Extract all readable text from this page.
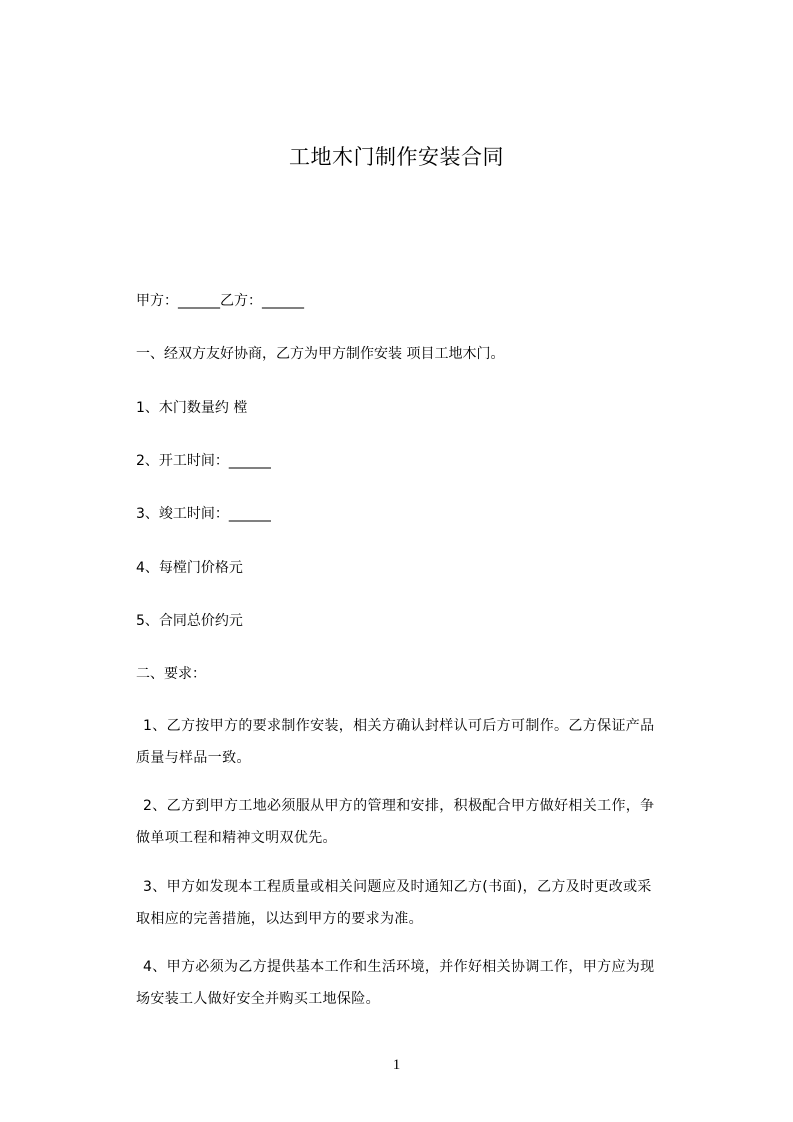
工地木门制作安装合同
甲方：______乙方：______
一、经双方友好协商，乙方为甲方制作安装 项目工地木门。
1、木门数量约 樘
2、开工时间：______
3、竣工时间：______
4、每樘门价格元
5、合同总价约元
二、要求：
1、乙方按甲方的要求制作安装，相关方确认封样认可后方可制作。乙方保证产品
质量与样品一致。
2、乙方到甲方工地必须服从甲方的管理和安排，积极配合甲方做好相关工作，争
做单项工程和精神文明双优先。
3、甲方如发现本工程质量或相关问题应及时通知乙方(书面)，乙方及时更改或采
取相应的完善措施，以达到甲方的要求为准。
4、甲方必须为乙方提供基本工作和生活环境，并作好相关协调工作，甲方应为现
场安装工人做好安全并购买工地保险。
1
